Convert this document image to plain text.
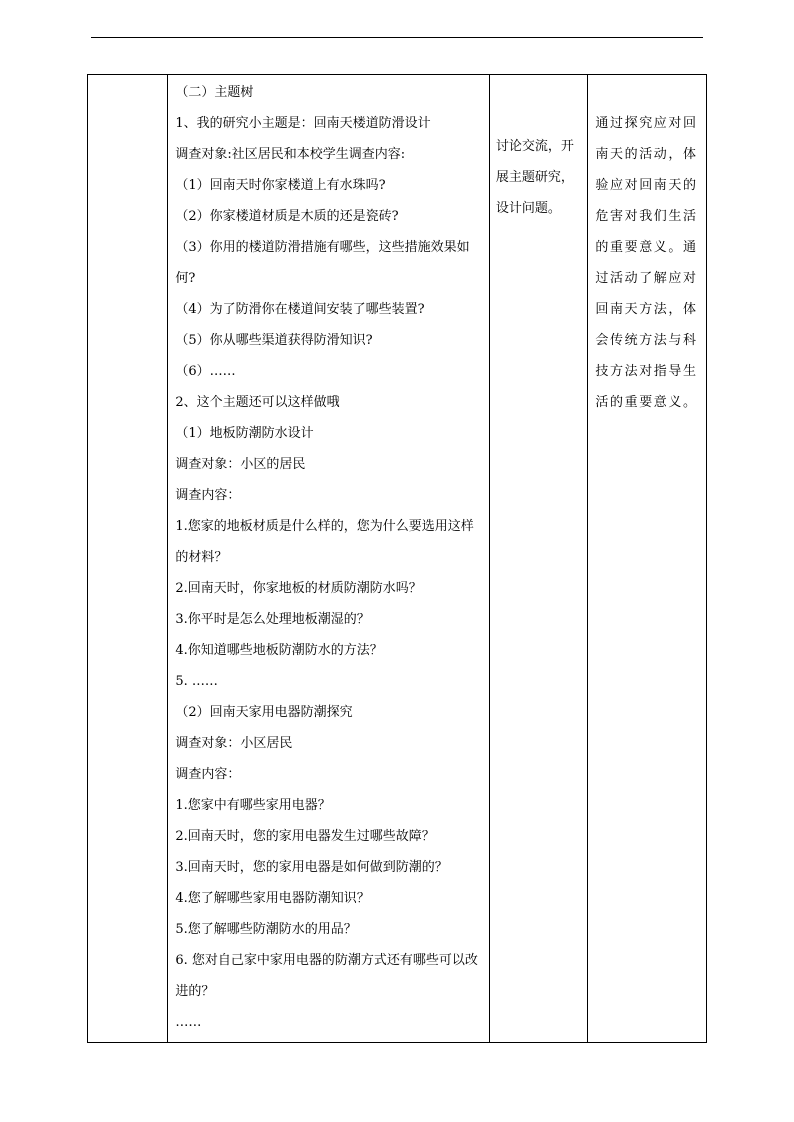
（二）主题树
1、我的研究小主题是：回南天楼道防滑设计
调查对象:社区居民和本校学生调查内容:
（1）回南天时你家楼道上有水珠吗?
（2）你家楼道材质是木质的还是瓷砖?
（3）你用的楼道防滑措施有哪些，这些措施效果如何?
（4）为了防滑你在楼道间安装了哪些装置?
（5）你从哪些渠道获得防滑知识?
（6）……
2、这个主题还可以这样做哦
（1）地板防潮防水设计
调查对象：小区的居民
调查内容：
1.您家的地板材质是什么样的，您为什么要选用这样的材料？
2.回南天时，你家地板的材质防潮防水吗？
3.你平时是怎么处理地板潮湿的？
4.你知道哪些地板防潮防水的方法？
5. ……
（2）回南天家用电器防潮探究
调查对象：小区居民
调查内容：
1.您家中有哪些家用电器？
2.回南天时，您的家用电器发生过哪些故障？
3.回南天时，您的家用电器是如何做到防潮的？
4.您了解哪些家用电器防潮知识？
5.您了解哪些防潮防水的用品？
6. 您对自己家中家用电器的防潮方式还有哪些可以改进的？
……

讨论交流，开展主题研究，设计问题。

通过探究应对回南天的活动，体验应对回南天的危害对我们生活的重要意义。通过活动了解应对回南天方法，体会传统方法与科技方法对指导生活的重要意义。
